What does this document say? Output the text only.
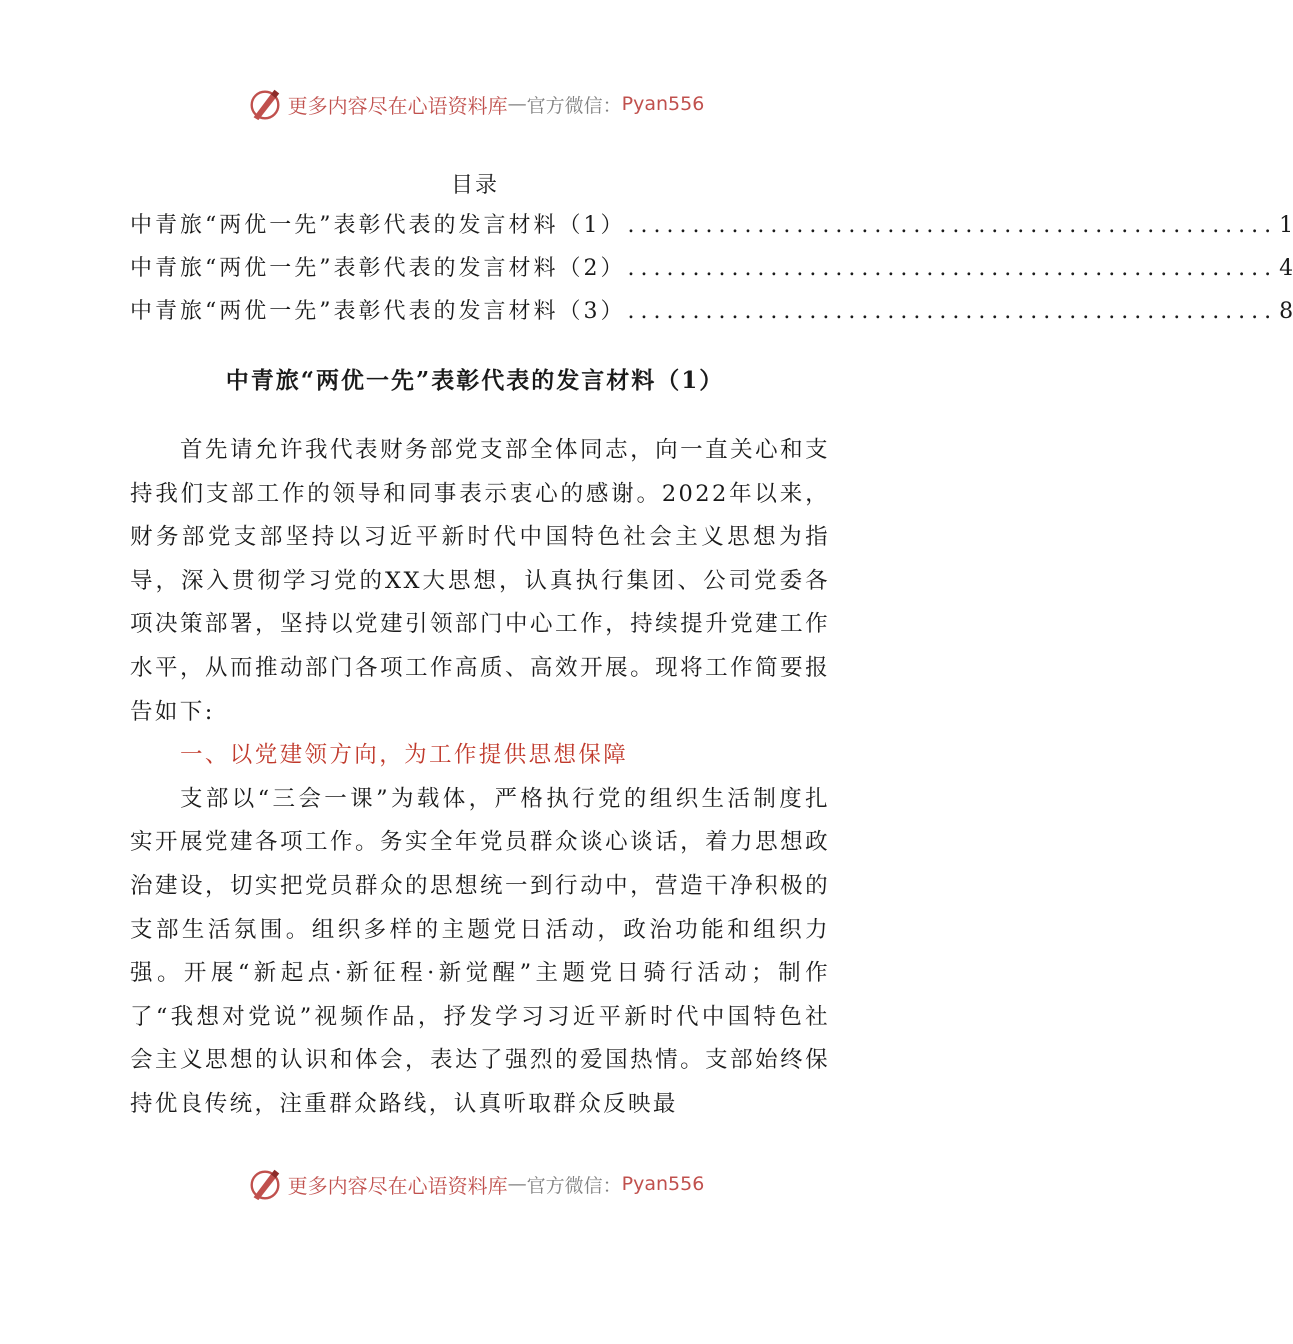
更多内容尽在心语资料库 — 官方微信： Pyan556
目录
中青旅“两优一先”表彰代表的发言材料（1） .................................................. 1
中青旅“两优一先”表彰代表的发言材料（2） .................................................. 4
中青旅“两优一先”表彰代表的发言材料（3） .................................................. 8
中青旅“两优一先”表彰代表的发言材料（1）

首先请允许我代表财务部党支部全体同志，向一直关心和支持我们支部工作的领导和同事表示衷心的感谢。2022年以来，财务部党支部坚持以习近平新时代中国特色社会主义思想为指导，深入贯彻学习党的XX大思想，认真执行集团、公司党委各项决策部署，坚持以党建引领部门中心工作，持续提升党建工作水平，从而推动部门各项工作高质、高效开展。现将工作简要报告如下:

一、以党建领方向，为工作提供思想保障

支部以“三会一课”为载体，严格执行党的组织生活制度扎实开展党建各项工作。务实全年党员群众谈心谈话，着力思想政治建设，切实把党员群众的思想统一到行动中，营造干净积极的支部生活氛围。组织多样的主题党日活动，政治功能和组织力强。开展“新起点·新征程·新觉醒”主题党日骑行活动；制作了“我想对党说”视频作品，抒发学习习近平新时代中国特色社会主义思想的认识和体会，表达了强烈的爱国热情。支部始终保持优良传统，注重群众路线，认真听取群众反映最

更多内容尽在心语资料库 — 官方微信： Pyan556
